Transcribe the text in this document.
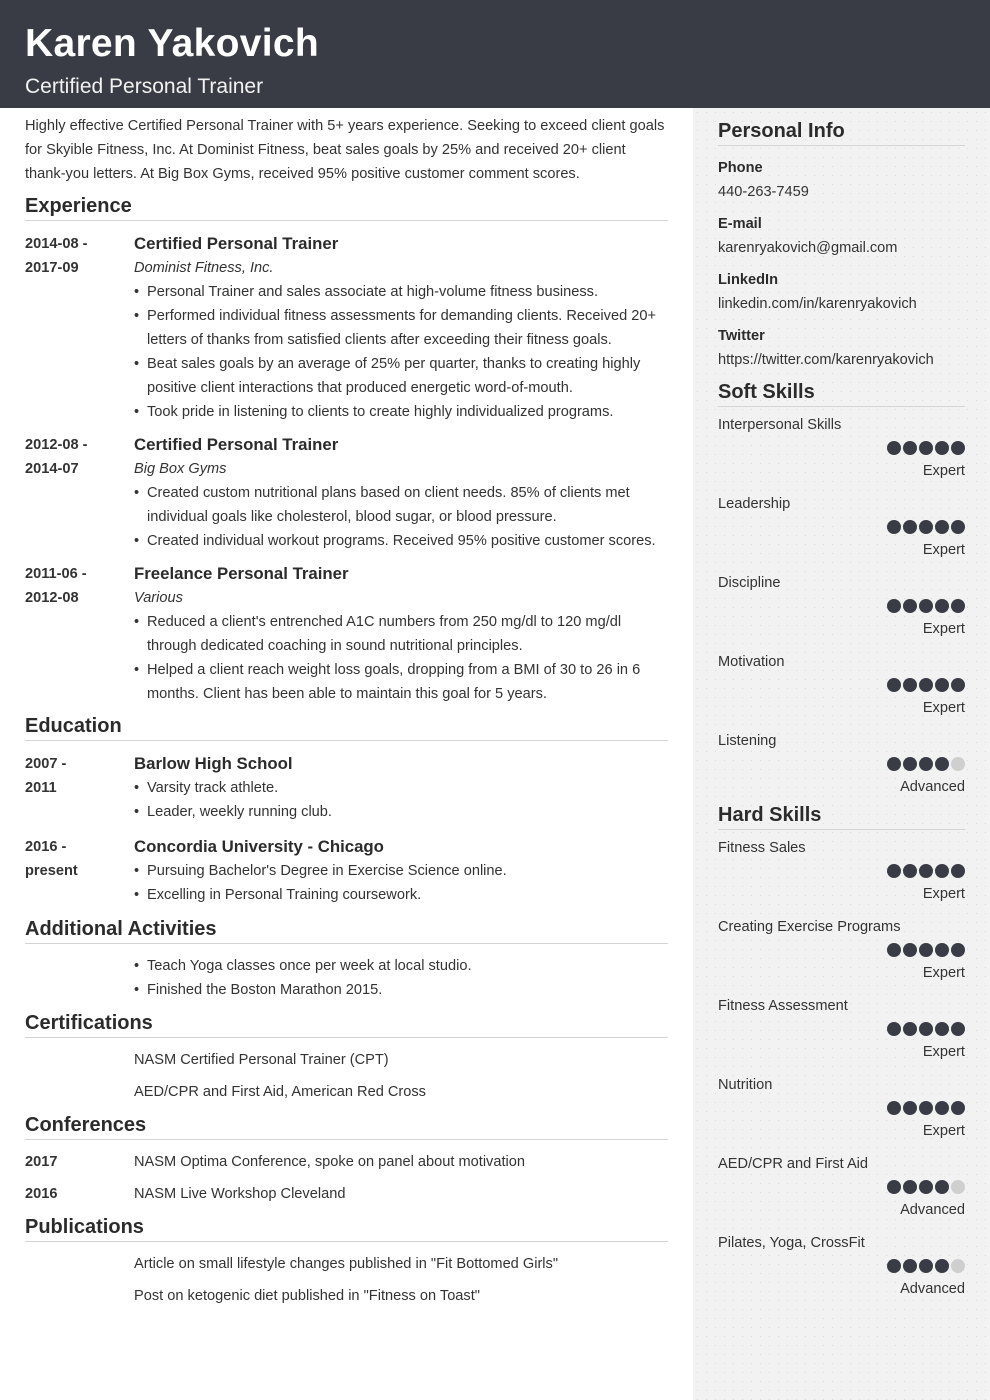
Karen Yakovich
Certified Personal Trainer

Highly effective Certified Personal Trainer with 5+ years experience. Seeking to exceed client goals for Skyible Fitness, Inc. At Dominist Fitness, beat sales goals by 25% and received 20+ client thank-you letters. At Big Box Gyms, received 95% positive customer comment scores.

Experience
2014-08 -
2017-09
Certified Personal Trainer
Dominist Fitness, Inc.
• Personal Trainer and sales associate at high-volume fitness business.
• Performed individual fitness assessments for demanding clients. Received 20+ letters of thanks from satisfied clients after exceeding their fitness goals.
• Beat sales goals by an average of 25% per quarter, thanks to creating highly positive client interactions that produced energetic word-of-mouth.
• Took pride in listening to clients to create highly individualized programs.
2012-08 -
2014-07
Certified Personal Trainer
Big Box Gyms
• Created custom nutritional plans based on client needs. 85% of clients met individual goals like cholesterol, blood sugar, or blood pressure.
• Created individual workout programs. Received 95% positive customer scores.
2011-06 -
2012-08
Freelance Personal Trainer
Various
• Reduced a client's entrenched A1C numbers from 250 mg/dl to 120 mg/dl through dedicated coaching in sound nutritional principles.
• Helped a client reach weight loss goals, dropping from a BMI of 30 to 26 in 6 months. Client has been able to maintain this goal for 5 years.
Education
2007 -
2011
Barlow High School
• Varsity track athlete.
• Leader, weekly running club.
2016 -
present
Concordia University - Chicago
• Pursuing Bachelor's Degree in Exercise Science online.
• Excelling in Personal Training coursework.
Additional Activities
• Teach Yoga classes once per week at local studio.
• Finished the Boston Marathon 2015.
Certifications
NASM Certified Personal Trainer (CPT)
AED/CPR and First Aid, American Red Cross
Conferences
2017	NASM Optima Conference, spoke on panel about motivation
2016	NASM Live Workshop Cleveland
Publications
Article on small lifestyle changes published in "Fit Bottomed Girls"
Post on ketogenic diet published in "Fitness on Toast"
Personal Info
Phone
440-263-7459
E-mail
karenryakovich@gmail.com
LinkedIn
linkedin.com/in/karenryakovich
Twitter
https://twitter.com/karenryakovich
Soft Skills
Interpersonal Skills
Expert
Leadership
Expert
Discipline
Expert
Motivation
Expert
Listening
Advanced
Hard Skills
Fitness Sales
Expert
Creating Exercise Programs
Expert
Fitness Assessment
Expert
Nutrition
Expert
AED/CPR and First Aid
Advanced
Pilates, Yoga, CrossFit
Advanced
